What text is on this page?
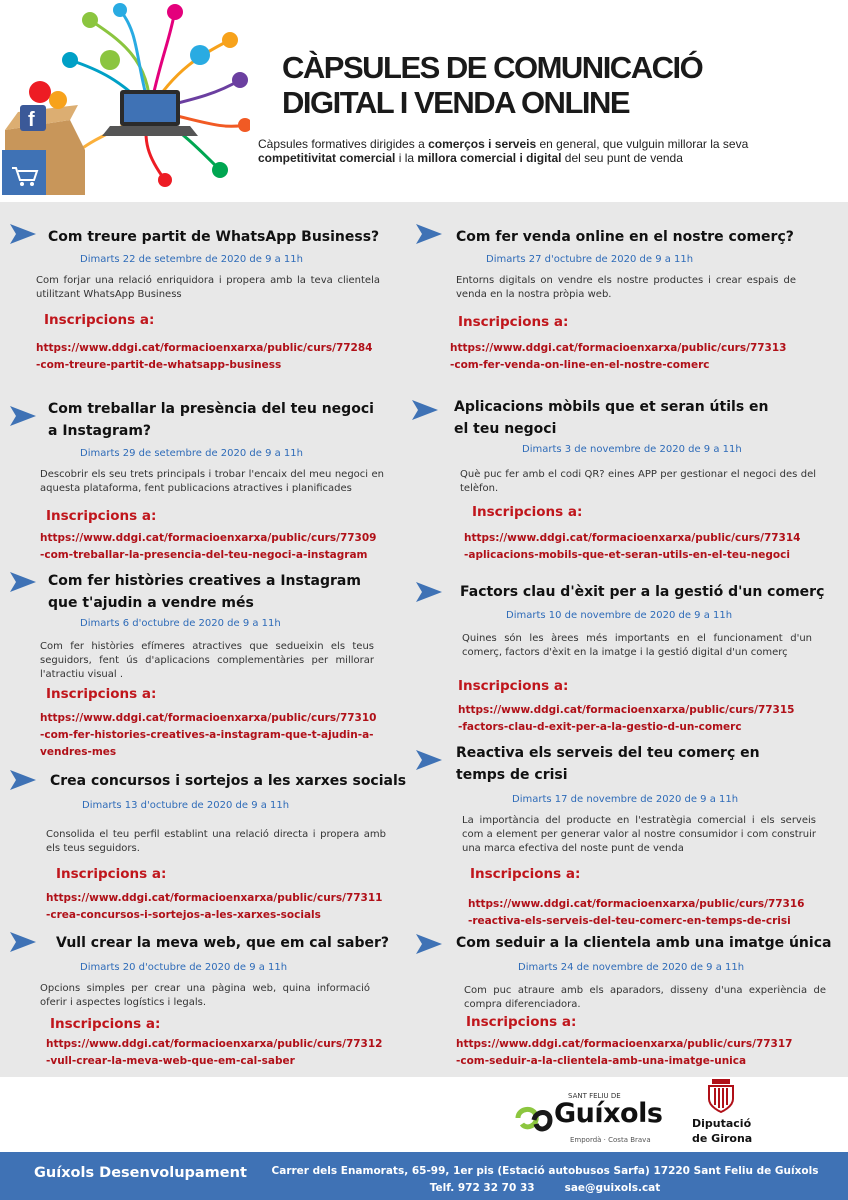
f
CÀPSULES DE COMUNICACIÓ
DIGITAL I VENDA ONLINE
Càpsules formatives dirigides a comerços i serveis en general, que vulguin millorar la seva competitivitat comercial i la millora comercial i digital del seu punt de venda
Com treure partit de WhatsApp Business?
Dimarts 22 de setembre de 2020 de 9 a 11h
Com forjar una relació enriquidora i propera amb la teva clientela utilitzant WhatsApp Business
Inscripcions a:
https://www.ddgi.cat/formacioenxarxa/public/curs/77284
-com-treure-partit-de-whatsapp-business
Com fer venda online en el nostre comerç?
Dimarts 27 d'octubre de 2020 de 9 a 11h
Entorns digitals on vendre els nostre productes i crear espais de venda en la nostra pròpia web.
Inscripcions a:
https://www.ddgi.cat/formacioenxarxa/public/curs/77313
-com-fer-venda-on-line-en-el-nostre-comerc
Com treballar la presència del teu negoci a Instagram?
Dimarts 29 de setembre de 2020 de 9 a 11h
Descobrir els seu trets principals i trobar l'encaix del meu negoci en aquesta plataforma, fent publicacions atractives i planificades
Inscripcions a:
https://www.ddgi.cat/formacioenxarxa/public/curs/77309
-com-treballar-la-presencia-del-teu-negoci-a-instagram
Aplicacions mòbils que et seran útils en el teu negoci
Dimarts 3 de novembre de 2020 de 9 a 11h
Què puc fer amb el codi QR? eines APP per gestionar el negoci des del telèfon.
Inscripcions a:
https://www.ddgi.cat/formacioenxarxa/public/curs/77314
-aplicacions-mobils-que-et-seran-utils-en-el-teu-negoci
Com fer històries creatives a Instagram que t'ajudin a vendre més
Dimarts 6 d'octubre de 2020 de 9 a 11h
Com fer històries efímeres atractives que sedueixin els teus seguidors, fent ús d'aplicacions complementàries per millorar l'atractiu visual .
Inscripcions a:
https://www.ddgi.cat/formacioenxarxa/public/curs/77310
-com-fer-histories-creatives-a-instagram-que-t-ajudin-a-
vendres-mes
Factors clau d'èxit per a la gestió d'un comerç
Dimarts 10 de novembre de 2020 de 9 a 11h
Quines són les àrees més importants en el funcionament d'un comerç, factors d'èxit en la imatge i la gestió digital d'un comerç
Inscripcions a:
https://www.ddgi.cat/formacioenxarxa/public/curs/77315
-factors-clau-d-exit-per-a-la-gestio-d-un-comerc
Crea concursos i sortejos a les xarxes socials
Dimarts 13 d'octubre de 2020 de 9 a 11h
Consolida el teu perfil establint una relació directa i propera amb els teus seguidors.
Inscripcions a:
https://www.ddgi.cat/formacioenxarxa/public/curs/77311
-crea-concursos-i-sortejos-a-les-xarxes-socials
Reactiva els serveis del teu comerç en temps de crisi
Dimarts 17 de novembre de 2020 de 9 a 11h
La importància del producte en l'estratègia comercial i els serveis com a element per generar valor al nostre consumidor i com construir una marca efectiva del noste punt de venda
Inscripcions a:
https://www.ddgi.cat/formacioenxarxa/public/curs/77316
-reactiva-els-serveis-del-teu-comerc-en-temps-de-crisi
Vull crear la meva web, que em cal saber?
Dimarts 20 d'octubre de 2020 de 9 a 11h
Opcions simples per crear una pàgina web, quina informació oferir i aspectes logístics i legals.
Inscripcions a:
https://www.ddgi.cat/formacioenxarxa/public/curs/77312
-vull-crear-la-meva-web-que-em-cal-saber
Com seduir a la clientela amb una imatge única
Dimarts 24 de novembre de 2020 de 9 a 11h
Com puc atraure amb els aparadors, disseny d'una experiència de compra diferenciadora.
Inscripcions a:
https://www.ddgi.cat/formacioenxarxa/public/curs/77317
-com-seduir-a-la-clientela-amb-una-imatge-unica
SANT FELIU DE
Guíxols
Empordà · Costa Brava
Diputació
de Girona
Guíxols Desenvolupament	Carrer dels Enamorats, 65-99, 1er pis (Estació autobusos Sarfa) 17220 Sant Feliu de Guíxols
Telf. 972 32 70 33	sae@guixols.cat
